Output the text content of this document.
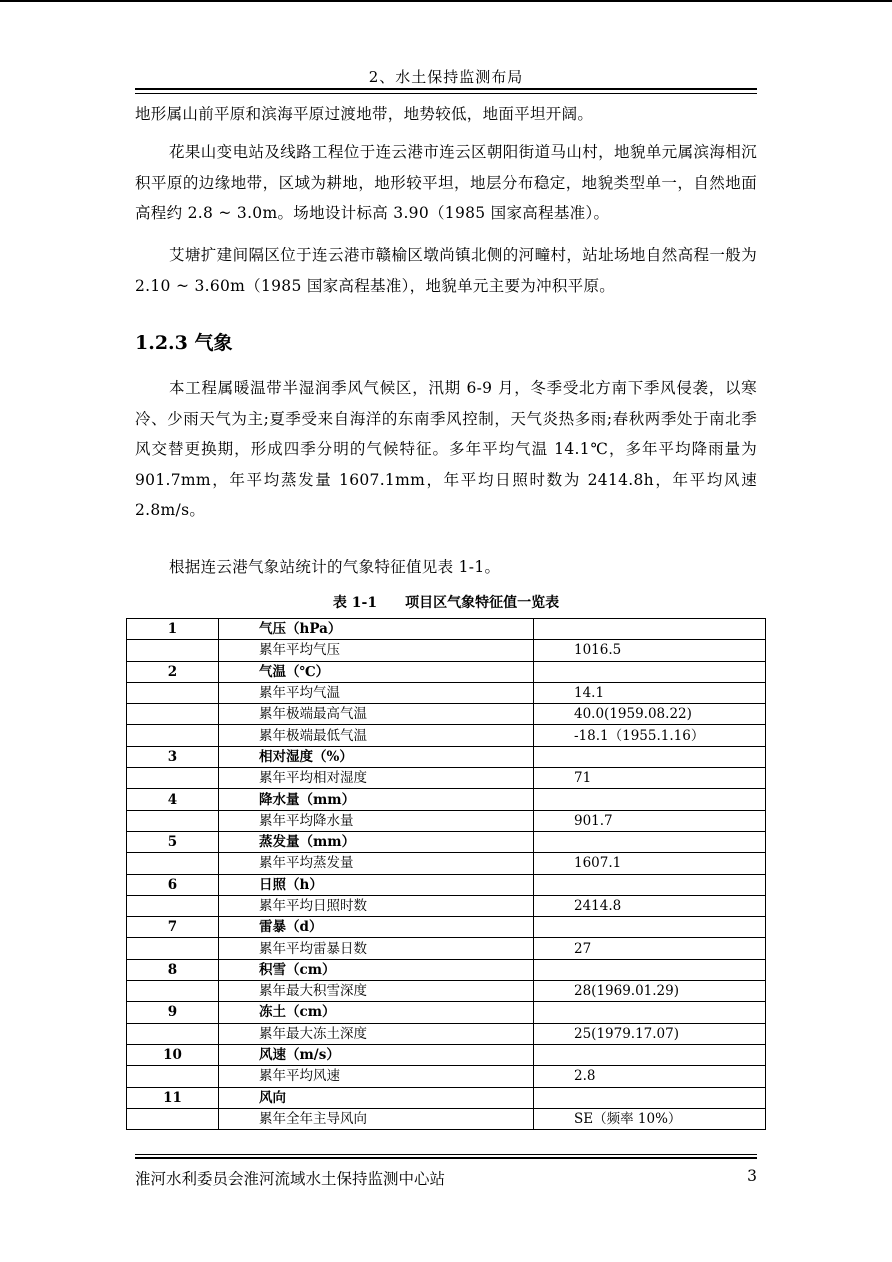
2、水土保持监测布局

地形属山前平原和滨海平原过渡地带，地势较低，地面平坦开阔。

花果山变电站及线路工程位于连云港市连云区朝阳街道马山村，地貌单元属滨海相沉积平原的边缘地带，区域为耕地，地形较平坦，地层分布稳定，地貌类型单一，自然地面高程约 2.8 ~ 3.0m。场地设计标高 3.90（1985 国家高程基准）。

艾塘扩建间隔区位于连云港市赣榆区墩尚镇北侧的河疃村，站址场地自然高程一般为 2.10 ~ 3.60m（1985 国家高程基准），地貌单元主要为冲积平原。

1.2.3 气象

本工程属暖温带半湿润季风气候区，汛期 6-9 月，冬季受北方南下季风侵袭，以寒冷、少雨天气为主;夏季受来自海洋的东南季风控制，天气炎热多雨;春秋两季处于南北季风交替更换期，形成四季分明的气候特征。多年平均气温 14.1℃，多年平均降雨量为 901.7mm，年平均蒸发量 1607.1mm，年平均日照时数为 2414.8h，年平均风速 2.8m/s。

根据连云港气象站统计的气象特征值见表 1-1。

表 1-1　　项目区气象特征值一览表
1	气压（hPa）	
	累年平均气压	1016.5
2	气温（℃）	
	累年平均气温	14.1
	累年极端最高气温	40.0(1959.08.22)
	累年极端最低气温	-18.1（1955.1.16）
3	相对湿度（%）	
	累年平均相对湿度	71
4	降水量（mm）	
	累年平均降水量	901.7
5	蒸发量（mm）	
	累年平均蒸发量	1607.1
6	日照（h）	
	累年平均日照时数	2414.8
7	雷暴（d）	
	累年平均雷暴日数	27
8	积雪（cm）	
	累年最大积雪深度	28(1969.01.29)
9	冻土（cm）	
	累年最大冻土深度	25(1979.17.07)
10	风速（m/s）	
	累年平均风速	2.8
11	风向	
	累年全年主导风向	SE（频率 10%）
淮河水利委员会淮河流域水土保持监测中心站	3
